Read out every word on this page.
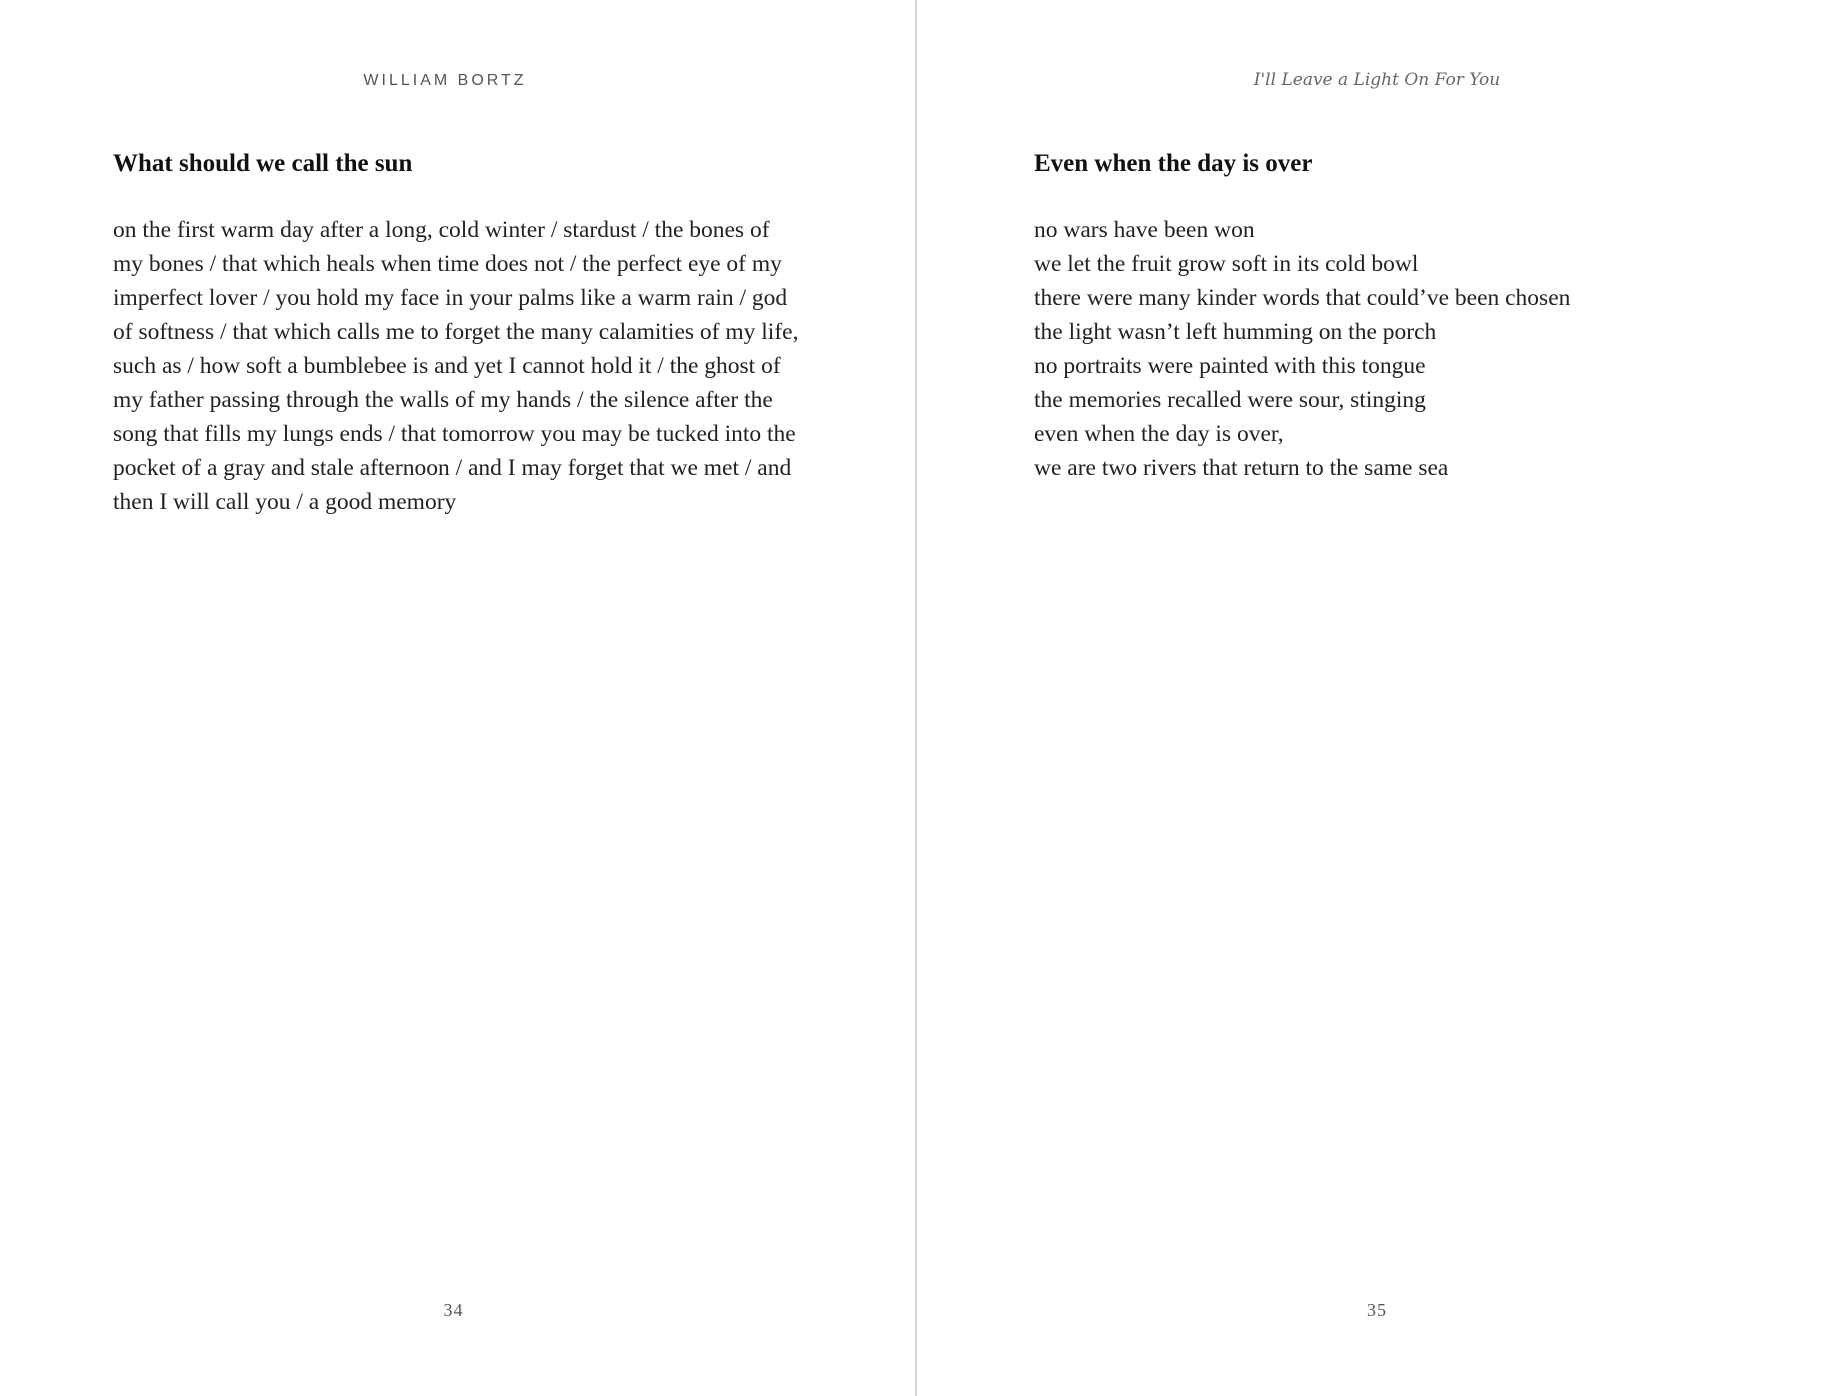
WILLIAM BORTZ
What should we call the sun
on the first warm day after a long, cold winter / stardust / the bones of
my bones / that which heals when time does not / the perfect eye of my
imperfect lover / you hold my face in your palms like a warm rain / god
of softness / that which calls me to forget the many calamities of my life,
such as / how soft a bumblebee is and yet I cannot hold it / the ghost of
my father passing through the walls of my hands / the silence after the
song that fills my lungs ends / that tomorrow you may be tucked into the
pocket of a gray and stale afternoon / and I may forget that we met / and
then I will call you / a good memory
34
I'll Leave a Light On For You
Even when the day is over
no wars have been won
we let the fruit grow soft in its cold bowl
there were many kinder words that could’ve been chosen
the light wasn’t left humming on the porch
no portraits were painted with this tongue
the memories recalled were sour, stinging
even when the day is over,
we are two rivers that return to the same sea
35
